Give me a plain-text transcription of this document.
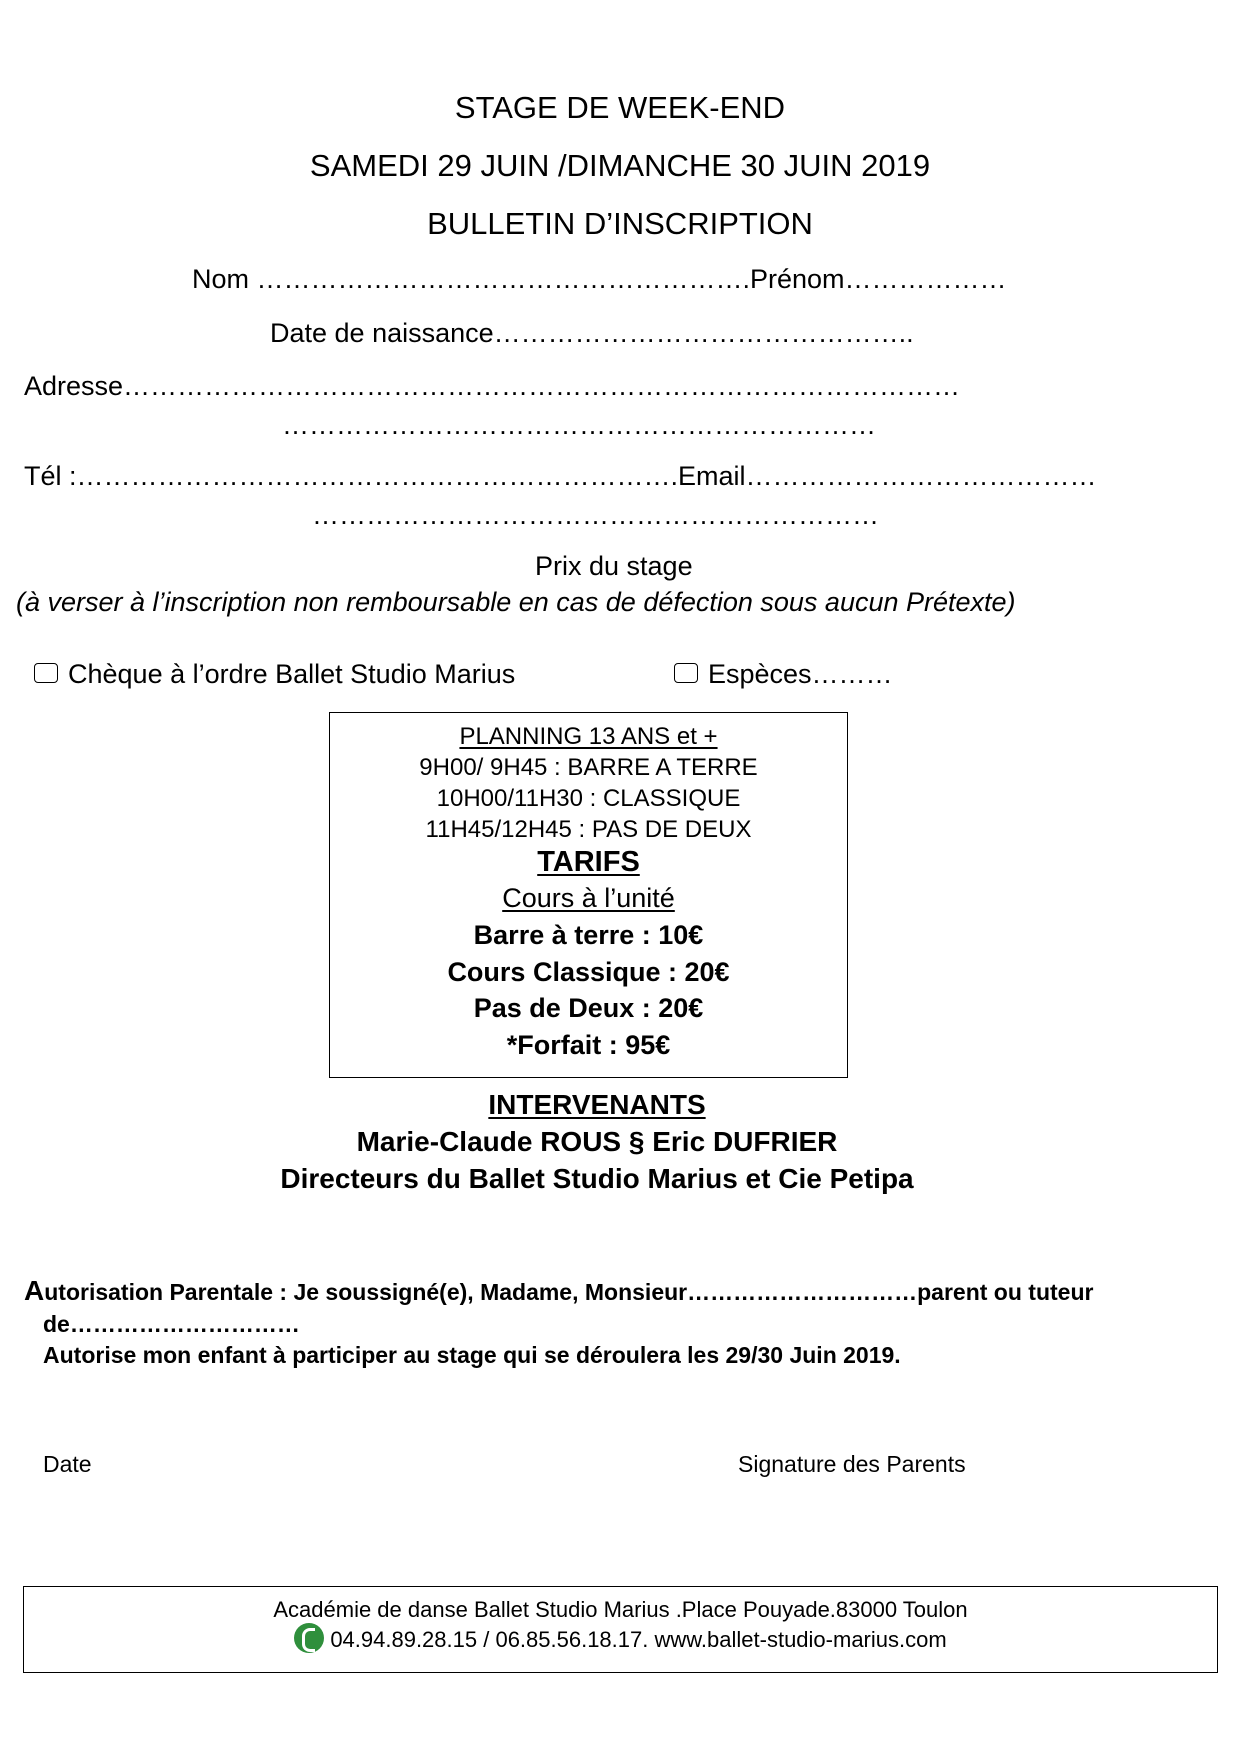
STAGE DE WEEK-END
SAMEDI 29 JUIN /DIMANCHE 30 JUIN 2019
BULLETIN D’INSCRIPTION
Nom ……………………………………………….Prénom………………
Date de naissance………………………………………..
Adresse…………………………………………………………………………………
…………………………………………………………
Tél :………………………………………………………….Email…………………………………
………………………………………………………
Prix du stage
(à verser à l’inscription non remboursable en cas de défection sous aucun Prétexte)
Chèque à l’ordre Ballet Studio Marius	Espèces………
PLANNING 13 ANS et +
9H00/ 9H45 : BARRE A TERRE
10H00/11H30 : CLASSIQUE
11H45/12H45 : PAS DE DEUX
TARIFS
Cours à l’unité
Barre à terre : 10€
Cours Classique : 20€
Pas de Deux : 20€
*Forfait : 95€
INTERVENANTS
Marie-Claude ROUS § Eric DUFRIER
Directeurs du Ballet Studio Marius et Cie Petipa
Autorisation Parentale : Je soussigné(e), Madame, Monsieur…………………………parent ou tuteur
de…………………………
Autorise mon enfant à participer au stage qui se déroulera les 29/30 Juin 2019.
Date	Signature des Parents
Académie de danse Ballet Studio Marius .Place Pouyade.83000 Toulon
04.94.89.28.15 / 06.85.56.18.17. www.ballet-studio-marius.com
